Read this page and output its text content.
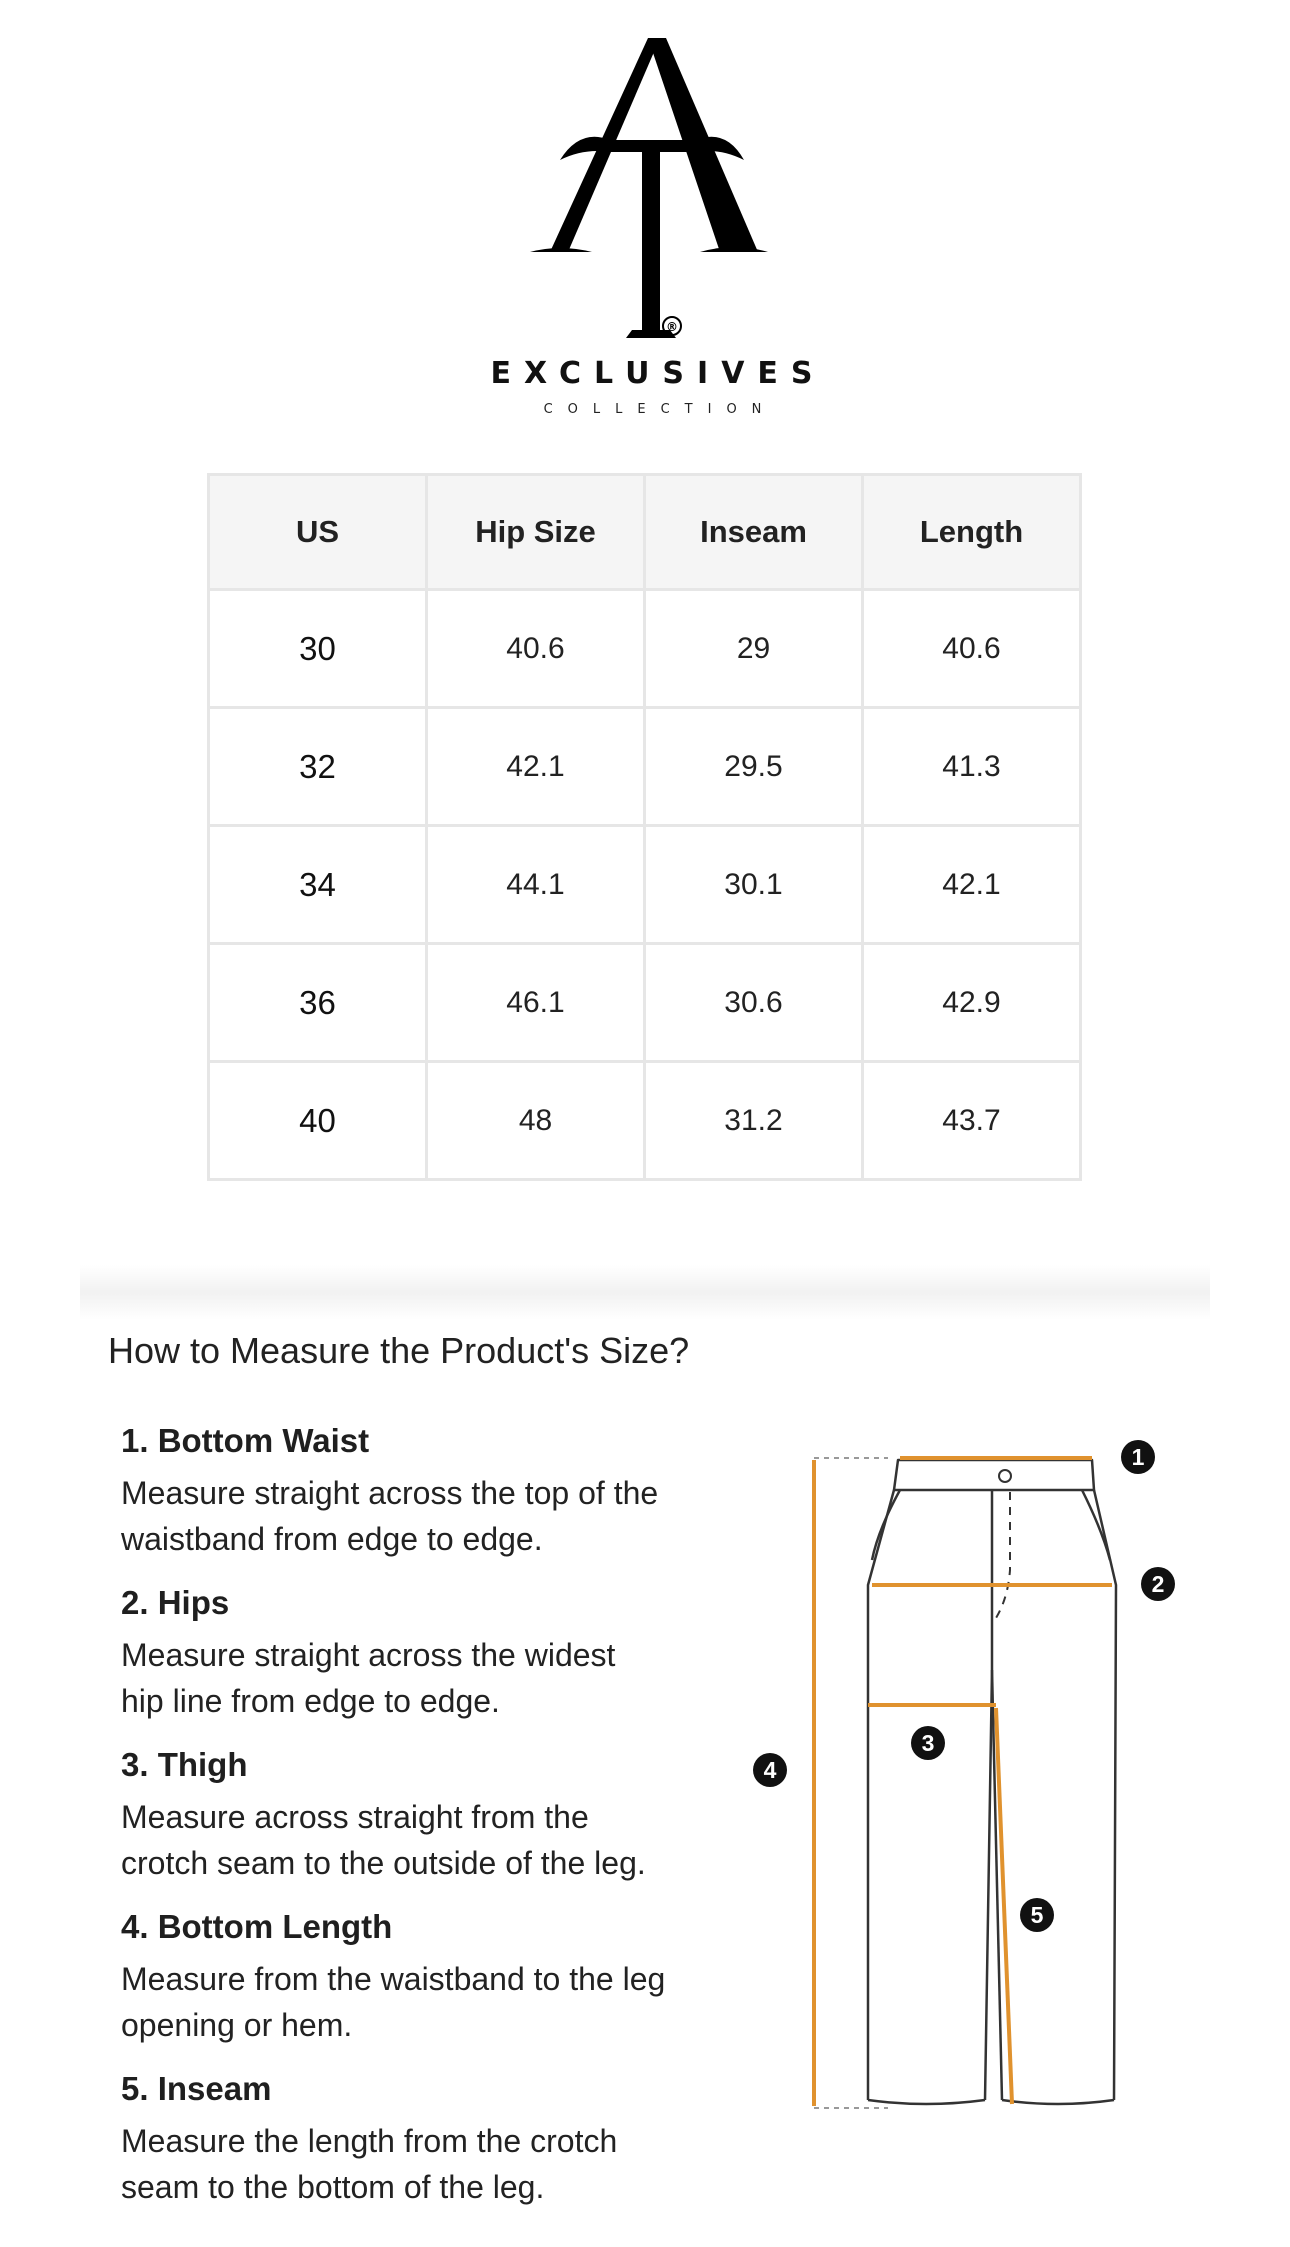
®
EXCLUSIVES
COLLECTION
US	Hip Size	Inseam	Length
30	40.6	29	40.6
32	42.1	29.5	41.3
34	44.1	30.1	42.1
36	46.1	30.6	42.9
40	48	31.2	43.7
How to Measure the Product's Size?
1. Bottom Waist
Measure straight across the top of the
waistband from edge to edge.
2. Hips
Measure straight across the widest
hip line from edge to edge.
3. Thigh
Measure across straight from the
crotch seam to the outside of the leg.
4. Bottom Length
Measure from the waistband to the leg
opening or hem.
5. Inseam
Measure the length from the crotch
seam to the bottom of the leg.
1
2
3
4
5
